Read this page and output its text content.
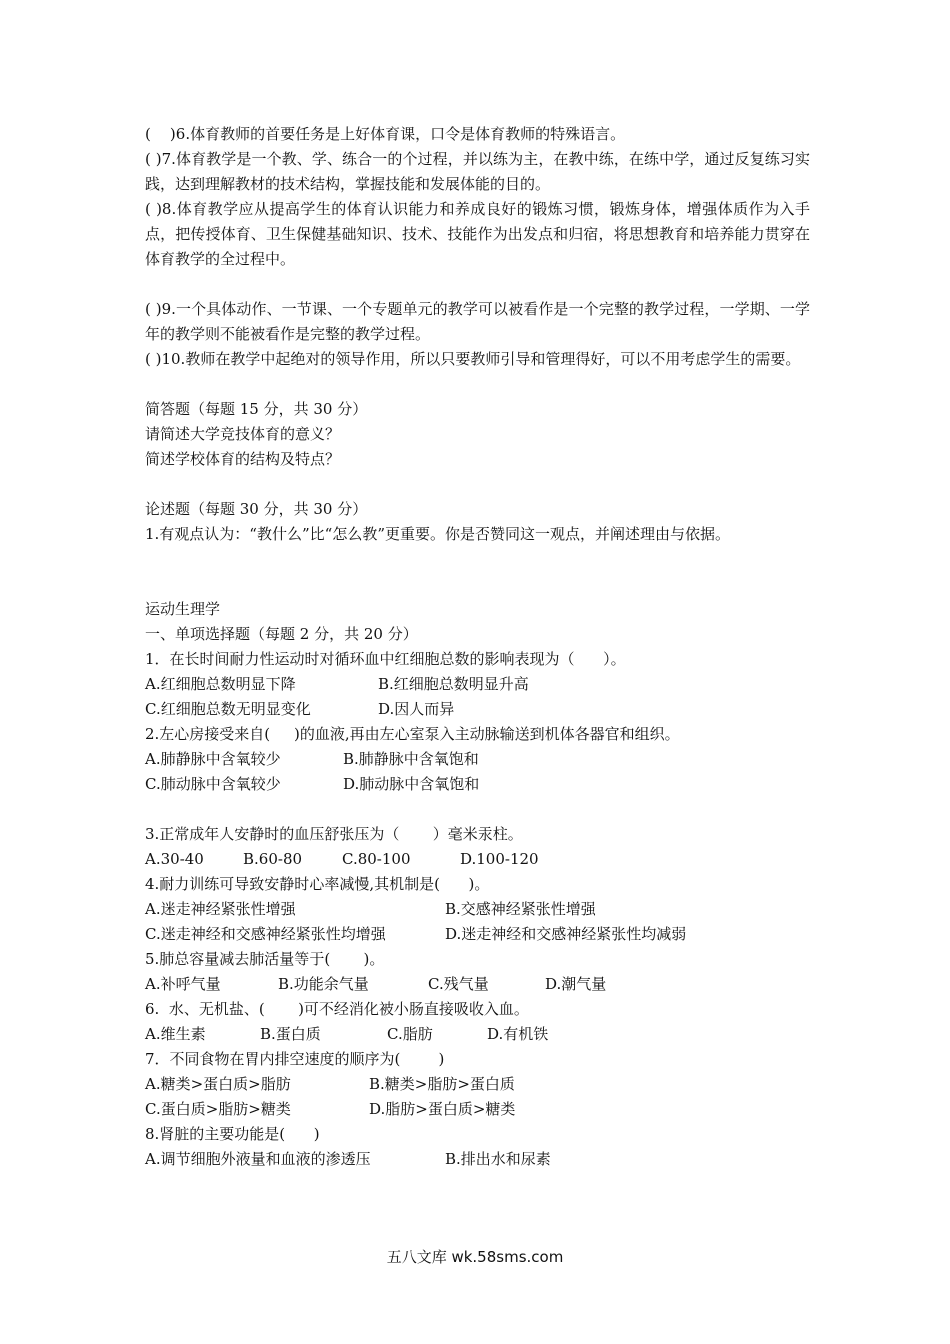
(    )6.体育教师的首要任务是上好体育课，口令是体育教师的特殊语言。
( )7.体育教学是一个教、学、练合一的个过程，并以练为主，在教中练，在练中学，通过反复练习实践，达到理解教材的技术结构，掌握技能和发展体能的目的。
( )8.体育教学应从提高学生的体育认识能力和养成良好的锻炼习惯，锻炼身体，增强体质作为入手点，把传授体育、卫生保健基础知识、技术、技能作为出发点和归宿，将思想教育和培养能力贯穿在体育教学的全过程中。
( )9.一个具体动作、一节课、一个专题单元的教学可以被看作是一个完整的教学过程，一学期、一学年的教学则不能被看作是完整的教学过程。
( )10.教师在教学中起绝对的领导作用，所以只要教师引导和管理得好，可以不用考虑学生的需要。
简答题（每题 15 分，共 30 分）
请简述大学竞技体育的意义？
简述学校体育的结构及特点？
论述题（每题 30 分，共 30 分）
1.有观点认为：“教什么”比“怎么教”更重要。你是否赞同这一观点，并阐述理由与依据。
运动生理学
一、单项选择题（每题 2 分，共 20 分）
1．在长时间耐力性运动时对循环血中红细胞总数的影响表现为（      ）。
A.红细胞总数明显下降	B.红细胞总数明显升高
C.红细胞总数无明显变化	D.因人而异
2.左心房接受来自(     )的血液,再由左心室泵入主动脉输送到机体各器官和组织。
A.肺静脉中含氧较少	B.肺静脉中含氧饱和
C.肺动脉中含氧较少	D.肺动脉中含氧饱和
3.正常成年人安静时的血压舒张压为（       ）毫米汞柱。
A.30-40	B.60-80	C.80-100	D.100-120
4.耐力训练可导致安静时心率减慢,其机制是(      )。
A.迷走神经紧张性增强	B.交感神经紧张性增强
C.迷走神经和交感神经紧张性均增强	D.迷走神经和交感神经紧张性均减弱
5.肺总容量减去肺活量等于(       )。
A.补呼气量	B.功能余气量	C.残气量	D.潮气量
6.  水、无机盐、(       )可不经消化被小肠直接吸收入血。
A.维生素	B.蛋白质	C.脂肪	D.有机铁
7．不同食物在胃内排空速度的顺序为(        )
A.糖类>蛋白质>脂肪	B.糖类>脂肪>蛋白质
C.蛋白质>脂肪>糖类	D.脂肪>蛋白质>糖类
8.肾脏的主要功能是(      )
A.调节细胞外液量和血液的渗透压	B.排出水和尿素
五八文库 wk.58sms.com
